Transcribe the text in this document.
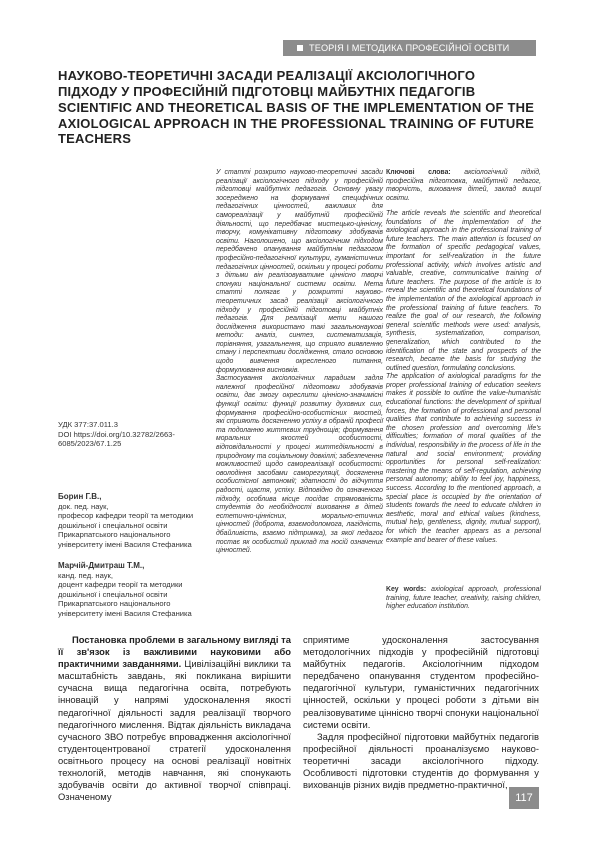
ТЕОРІЯ І МЕТОДИКА ПРОФЕСІЙНОЇ ОСВІТИ
НАУКОВО-ТЕОРЕТИЧНІ ЗАСАДИ РЕАЛІЗАЦІЇ АКСІОЛОГІЧНОГО ПІДХОДУ У ПРОФЕСІЙНІЙ ПІДГОТОВЦІ МАЙБУТНІХ ПЕДАГОГІВ
SCIENTIFIC AND THEORETICAL BASIS OF THE IMPLEMENTATION OF THE AXIOLOGICAL APPROACH IN THE PROFESSIONAL TRAINING OF FUTURE TEACHERS
УДК 377:37.011.3
DOI https://doi.org/10.32782/2663-6085/2023/67.1.25
Борин Г.В.,
док. пед. наук,
професор кафедри теорії та методики дошкільної і спеціальної освіти
Прикарпатського національного університету імені Василя Стефаника
Марчій-Дмитраш Т.М.,
канд. пед. наук,
доцент кафедри теорії та методики дошкільної і спеціальної освіти
Прикарпатського національного університету імені Василя Стефаника
У статті розкрито науково-теоретичні засади реалізації аксіологічного підходу у професійній підготовці майбутніх педагогів. Основну увагу зосереджено на формуванні специфічних педагогічних цінностей, важливих для самореалізації у майбутній професійній діяльності, що передбачає мистецько-ціннісну, творчу, комунікативну підготовку здобувачів освіти. Наголошено, що аксіологічним підходом передбачено опанування майбутнім педагогом професійно-педагогічної культури, гуманістичних педагогічних цінностей, оскільки у процесі роботи з дітьми він реалізовуватиме ціннісно творчі спонуки національної системи освіти. Мета статті полягає у розкритті науково-теоретичних засад реалізації аксіологічного підходу у професійній підготовці майбутніх педагогів. Для реалізації мети нашого дослідження використано такі загальнонаукові методи: аналіз, синтез, систематизація, порівняння, узагальнення, що сприяло виявленню стану і перспективи дослідження, стало основою щодо вивчення окресленого питання, формулювання висновків.
Застосування аксіологічних парадигм задля належної професійної підготовки здобувачів освіти, дає змогу окреслити ціннісно-значимісні функції освіти: функції розвитку духовних сил, формування професійно-особистісних якостей, які сприяють досягненню успіху в обраній професії та подоланню життєвих труднощів; формування моральних якостей особистості, відповідальності у процесі життєдіяльності в природному та соціальному довкіллі; забезпечення можливостей щодо самореалізації особистості: оволодіння засобами саморегуляції, досягнення особистісної автономії; здатності до відчуття радості, щастя, успіху. Відповідно до означеного підходу, особлива місце посідає спрямованість студентів до необхідності виховання в дітей естетично-ціннісних, морально-етичних цінностей (доброта, взаємодопомога, лагідність, дбайливість, взаємо підтримка), за якої педагог постає як особистий приклад та носій означених цінностей.
Ключові слова: аксіологічний підхід, професійна підготовка, майбутній педагог, творчість, виховання дітей, заклад вищої освіти.
The article reveals the scientific and theoretical foundations of the implementation of the axiological approach in the professional training of future teachers. The main attention is focused on the formation of specific pedagogical values, important for self-realization in the future professional activity, which involves artistic and valuable, creative, communicative training of future teachers. The purpose of the article is to reveal the scientific and theoretical foundations of the implementation of the axiological approach in the professional training of future teachers. To realize the goal of our research, the following general scientific methods were used: analysis, synthesis, systematization, comparison, generalization, which contributed to the identification of the state and prospects of the research, became the basis for studying the outlined question, formulating conclusions.
The application of axiological paradigms for the proper professional training of education seekers makes it possible to outline the value-humanistic educational functions: the development of spiritual forces, the formation of professional and personal qualities that contribute to achieving success in the chosen profession and overcoming life's difficulties; formation of moral qualities of the individual, responsibility in the process of life in the natural and social environment; providing opportunities for personal self-realization: mastering the means of self-regulation, achieving personal autonomy; ability to feel joy, happiness, success. According to the mentioned approach, a special place is occupied by the orientation of students towards the need to educate children in aesthetic, moral and ethical values (kindness, mutual help, gentleness, dignity, mutual support), for which the teacher appears as a personal example and bearer of these values.
Key words: axiological approach, professional training, future teacher, creativity, raising children, higher education institution.

Постановка проблеми в загальному вигляді та її зв'язок із важливими науковими або практичними завданнями. Цивілізаційні виклики та масштабність завдань, які покликана вирішити сучасна вища педагогічна освіта, потребують інновацій у напрямі удосконалення якості педагогічної діяльності задля реалізації творчого педагогічного мислення. Відтак діяльність викладача сучасного ЗВО потребує впровадження аксіологічної студентоцентрованої стратегії удосконалення освітнього процесу на основі реалізації новітніх технологій, методів навчання, які спонукають здобувачів освіти до активної творчої співпраці. Означеному

сприятиме удосконалення застосування методологічних підходів у професійній підготовці майбутніх педагогів. Аксіологічним підходом передбачено опанування студентом професійно-педагогічної культури, гуманістичних педагогічних цінностей, оскільки у процесі роботи з дітьми він реалізовуватиме ціннісно творчі спонуки національної системи освіти.

Задля професійної підготовки майбутніх педагогів професійної діяльності проаналізуємо науково-теоретичні засади аксіологічного підходу. Особливості підготовки студентів до формування у вихованців різних видів предметно-практичної,

117
